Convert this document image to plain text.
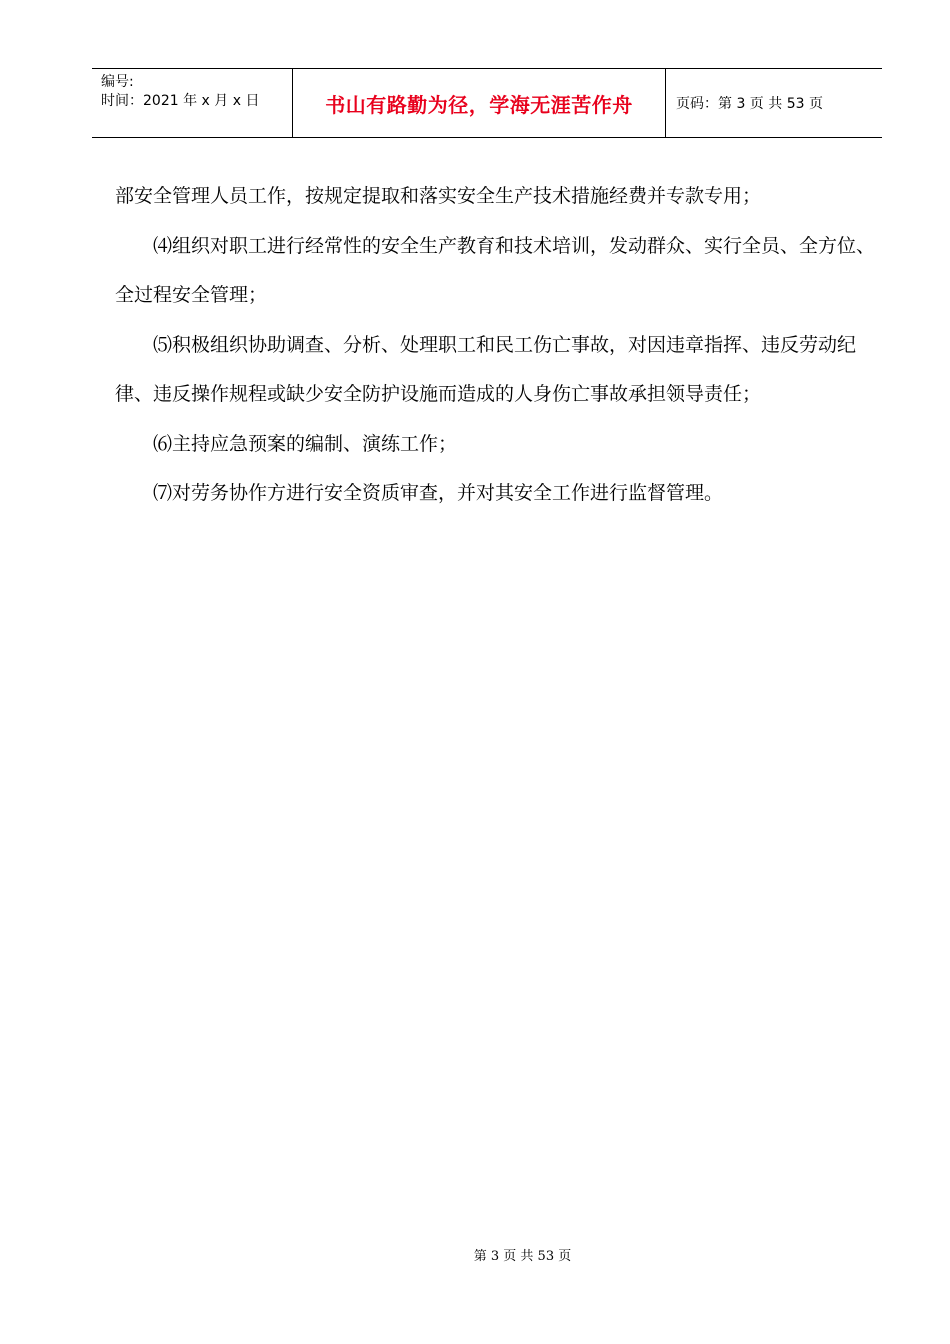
编号:
时间：2021 年 x 月 x 日	书山有路勤为径，学海无涯苦作舟	页码：第 3 页 共 53 页

部安全管理人员工作，按规定提取和落实安全生产技术措施经费并专款专用；

⑷组织对职工进行经常性的安全生产教育和技术培训，发动群众、实行全员、全方位、全过程安全管理；

⑸积极组织协助调查、分析、处理职工和民工伤亡事故，对因违章指挥、违反劳动纪律、违反操作规程或缺少安全防护设施而造成的人身伤亡事故承担领导责任；

⑹主持应急预案的编制、演练工作；

⑺对劳务协作方进行安全资质审查，并对其安全工作进行监督管理。

第 3 页 共 53 页
